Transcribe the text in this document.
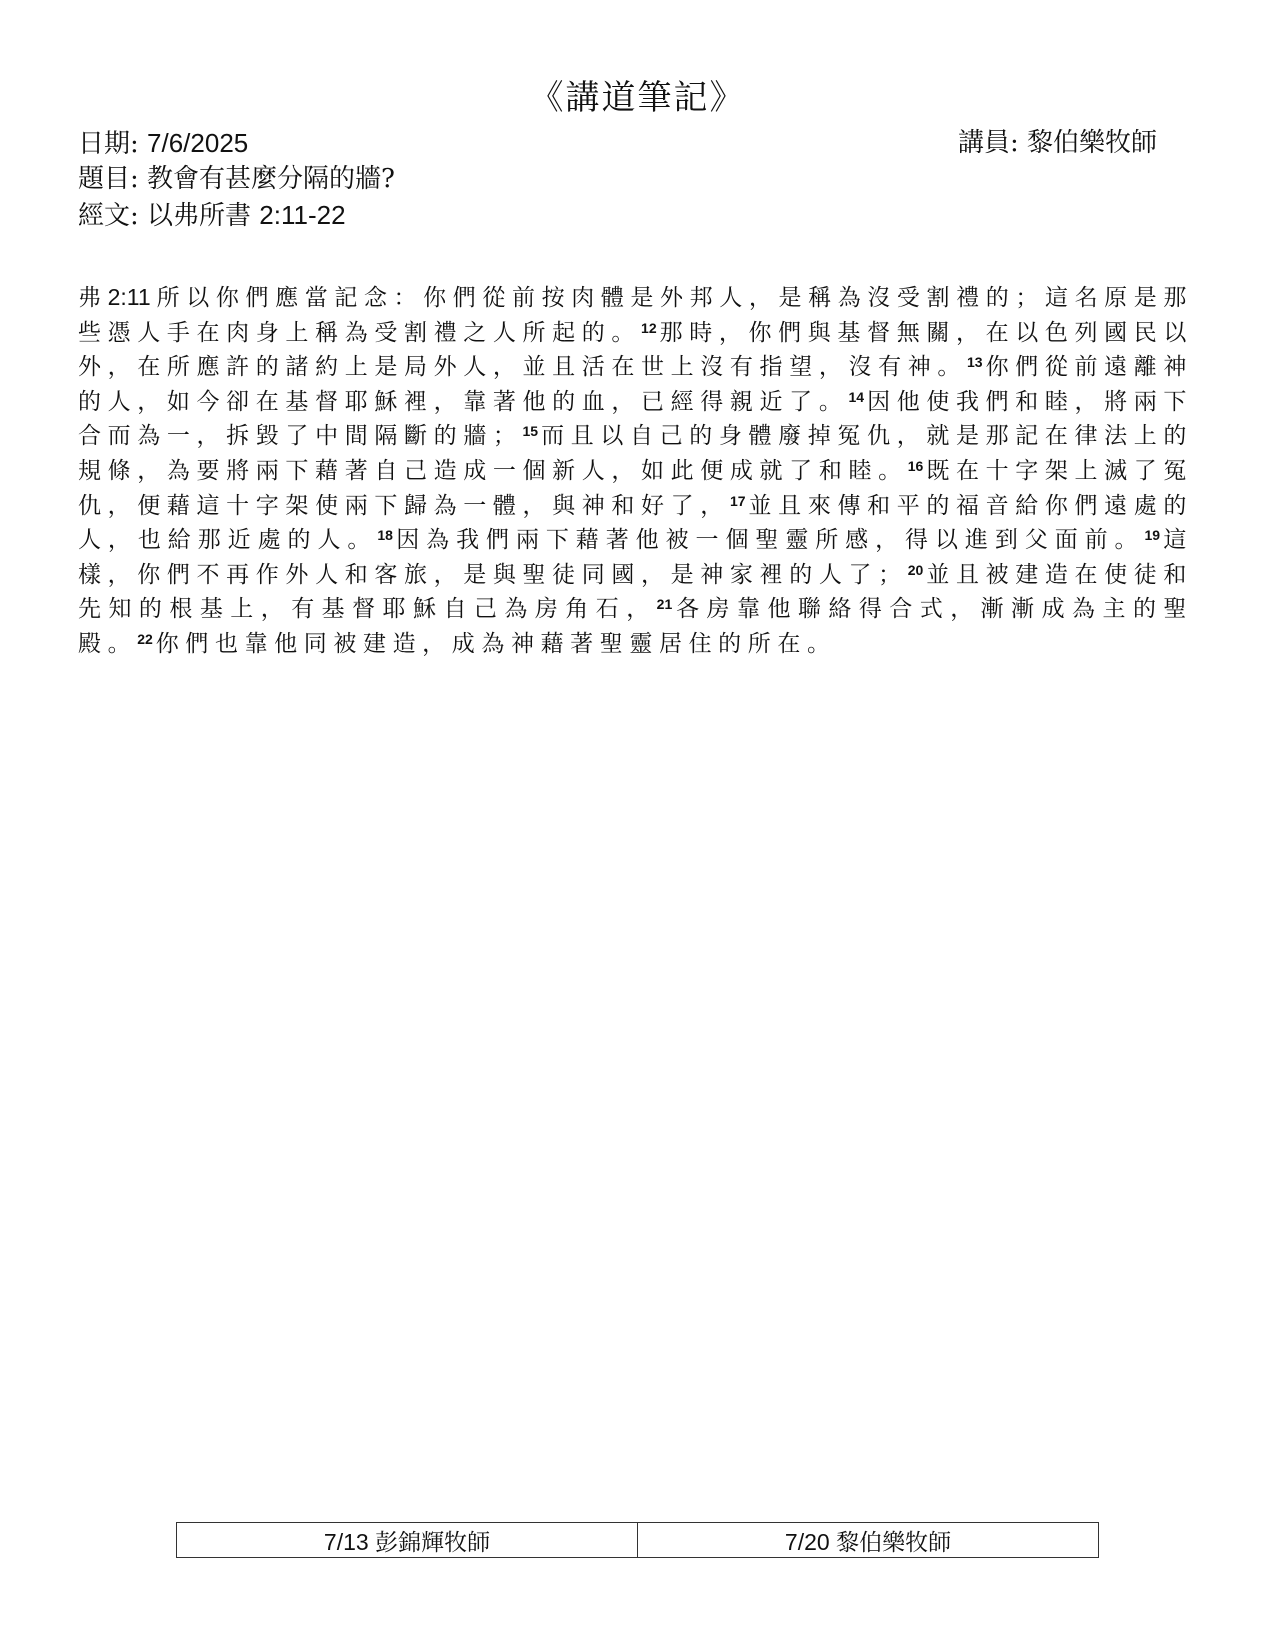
《講道筆記》
日期: 7/6/2025	講員: 黎伯樂牧師
題目: 教會有甚麼分隔的牆?
經文: 以弗所書 2:11-22
弗2:11 所以你們應當記念：你們從前按肉體是外邦人，是稱為沒受割禮的；這名原是那些憑人手在肉身上稱為受割禮之人所起的。$^{12}$ 那時，你們與基督無關，在以色列國民以外，在所應許的諸約上是局外人，並且活在世上沒有指望，沒有神。$^{13}$ 你們從前遠離神的人，如今卻在基督耶穌裡，靠著他的血，已經得親近了。$^{14}$ 因他使我們和睦，將兩下合而為一，拆毀了中間隔斷的牆；$^{15}$ 而且以自己的身體廢掉冤仇，就是那記在律法上的規條，為要將兩下藉著自己造成一個新人，如此便成就了和睦。$^{16}$ 既在十字架上滅了冤仇，便藉這十字架使兩下歸為一體，與神和好了，$^{17}$ 並且來傳和平的福音給你們遠處的人，也給那近處的人。$^{18}$ 因為我們兩下藉著他被一個聖靈所感，得以進到父面前。$^{19}$ 這樣，你們不再作外人和客旅，是與聖徒同國，是神家裡的人了；$^{20}$ 並且被建造在使徒和先知的根基上，有基督耶穌自己為房角石，$^{21}$ 各房靠他聯絡得合式，漸漸成為主的聖殿。$^{22}$ 你們也靠他同被建造，成為神藉著聖靈居住的所在。
7/13 彭錦輝牧師	7/20 黎伯樂牧師
